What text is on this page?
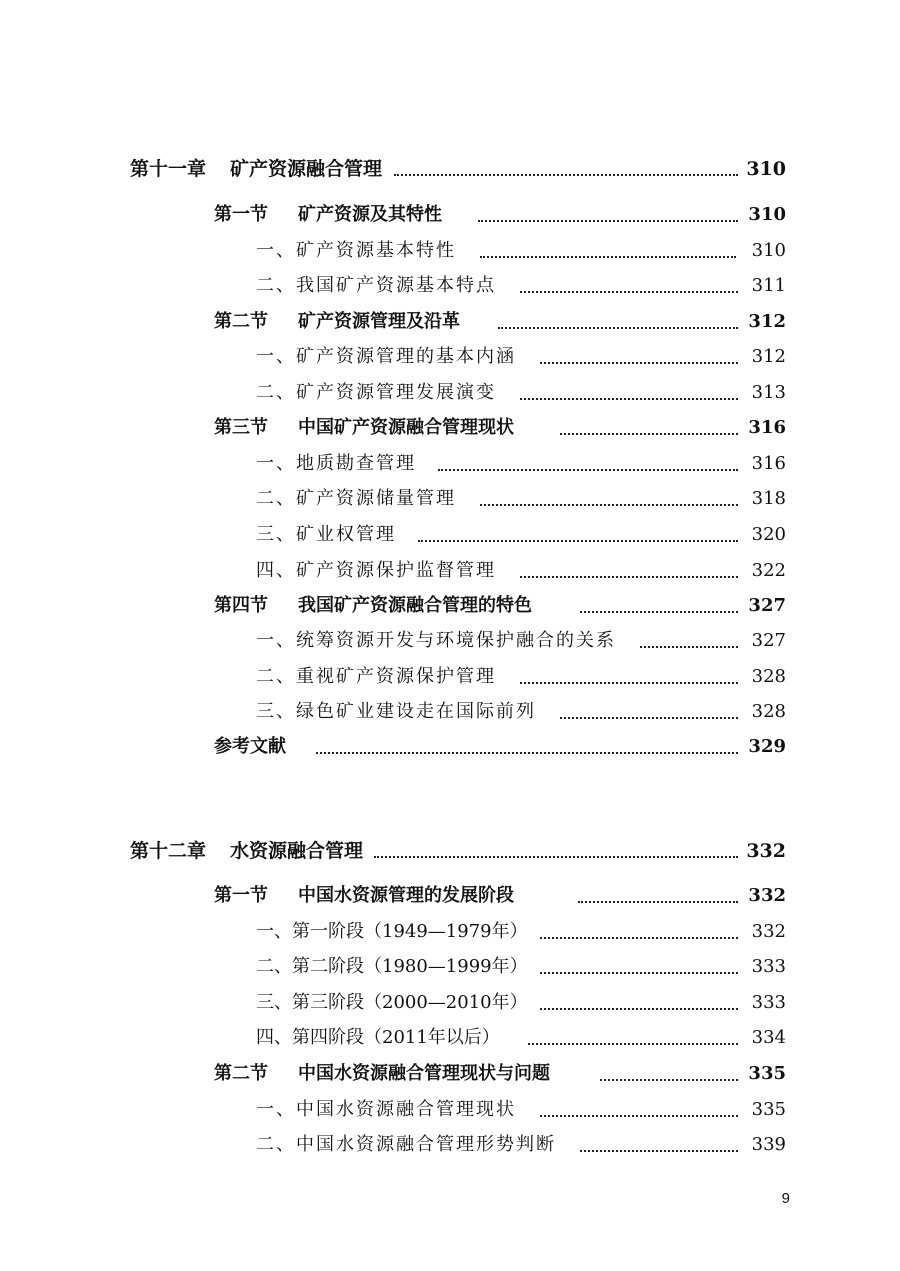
第十一章 矿产资源融合管理	310
第一节 矿产资源及其特性	310
一、矿产资源基本特性	310
二、我国矿产资源基本特点	311
第二节 矿产资源管理及沿革	312
一、矿产资源管理的基本内涵	312
二、矿产资源管理发展演变	313
第三节 中国矿产资源融合管理现状	316
一、地质勘查管理	316
二、矿产资源储量管理	318
三、矿业权管理	320
四、矿产资源保护监督管理	322
第四节 我国矿产资源融合管理的特色	327
一、统筹资源开发与环境保护融合的关系	327
二、重视矿产资源保护管理	328
三、绿色矿业建设走在国际前列	328
参考文献	329
第十二章 水资源融合管理	332
第一节 中国水资源管理的发展阶段	332
一、第一阶段（1949—1979年）	332
二、第二阶段（1980—1999年）	333
三、第三阶段（2000—2010年）	333
四、第四阶段（2011年以后）	334
第二节 中国水资源融合管理现状与问题	335
一、中国水资源融合管理现状	335
二、中国水资源融合管理形势判断	339
9
